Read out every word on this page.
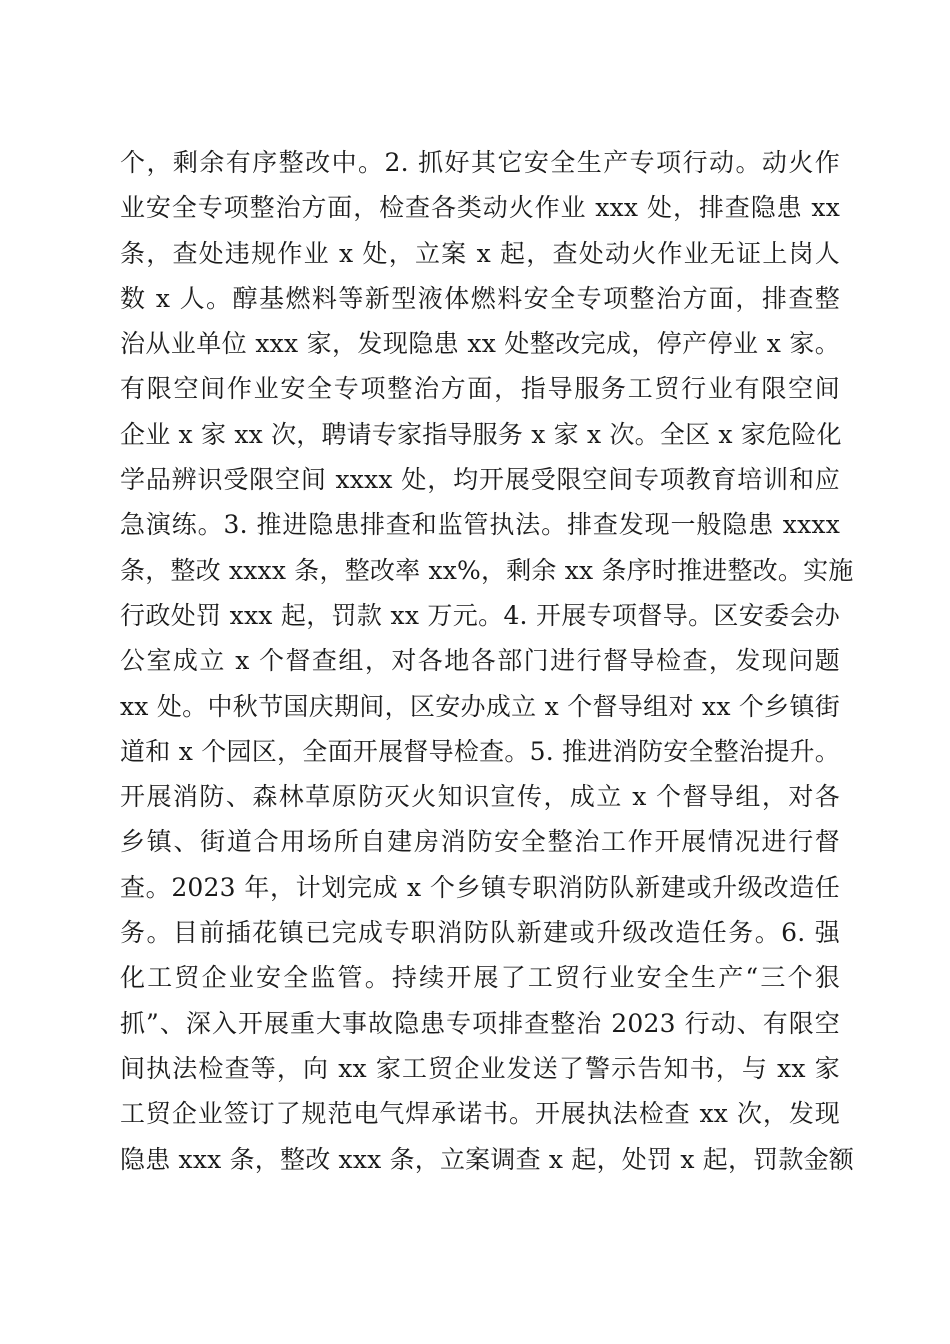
个，剩余有序整改中。2. 抓好其它安全生产专项行动。动火作
业安全专项整治方面，检查各类动火作业 xxx 处，排查隐患 xx
条，查处违规作业 x 处，立案 x 起，查处动火作业无证上岗人
数 x 人。醇基燃料等新型液体燃料安全专项整治方面，排查整
治从业单位 xxx 家，发现隐患 xx 处整改完成，停产停业 x 家。
有限空间作业安全专项整治方面，指导服务工贸行业有限空间
企业 x 家 xx 次，聘请专家指导服务 x 家 x 次。全区 x 家危险化
学品辨识受限空间 xxxx 处，均开展受限空间专项教育培训和应
急演练。3. 推进隐患排查和监管执法。排查发现一般隐患 xxxx
条，整改 xxxx 条，整改率 xx%，剩余 xx 条序时推进整改。实施
行政处罚 xxx 起，罚款 xx 万元。4. 开展专项督导。区安委会办
公室成立 x 个督查组，对各地各部门进行督导检查，发现问题
xx 处。中秋节国庆期间，区安办成立 x 个督导组对 xx 个乡镇街
道和 x 个园区，全面开展督导检查。5. 推进消防安全整治提升。
开展消防、森林草原防灭火知识宣传，成立 x 个督导组，对各
乡镇、街道合用场所自建房消防安全整治工作开展情况进行督
查。2023 年，计划完成 x 个乡镇专职消防队新建或升级改造任
务。目前插花镇已完成专职消防队新建或升级改造任务。6. 强
化工贸企业安全监管。持续开展了工贸行业安全生产“三个狠
抓”、深入开展重大事故隐患专项排查整治 2023 行动、有限空
间执法检查等，向 xx 家工贸企业发送了警示告知书，与 xx 家
工贸企业签订了规范电气焊承诺书。开展执法检查 xx 次，发现
隐患 xxx 条，整改 xxx 条，立案调查 x 起，处罚 x 起，罚款金额
